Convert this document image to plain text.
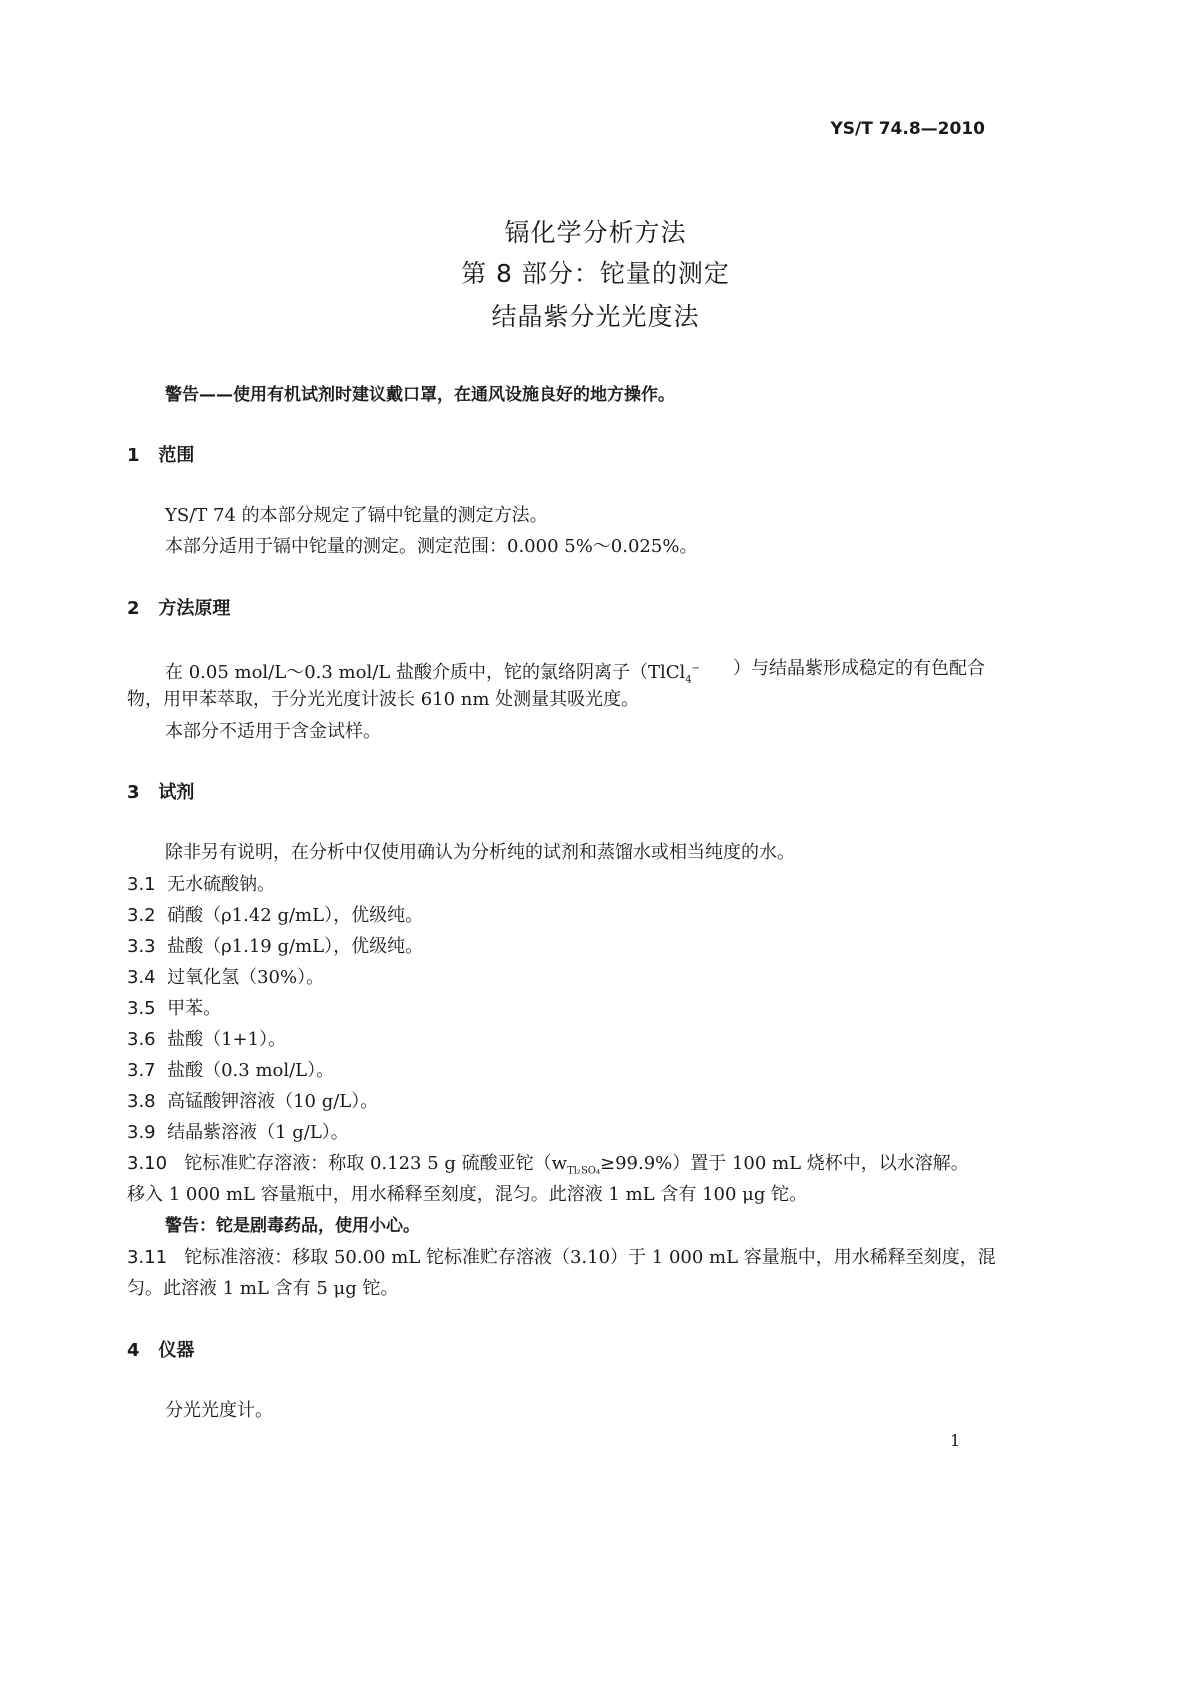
YS/T 74.8—2010
镉化学分析方法
第 8 部分：铊量的测定
结晶紫分光光度法
警告——使用有机试剂时建议戴口罩，在通风设施良好的地方操作。
1 范围
YS/T 74 的本部分规定了镉中铊量的测定方法。
本部分适用于镉中铊量的测定。测定范围：0.000 5%～0.025%。
2 方法原理
在 0.05 mol/L～0.3 mol/L 盐酸介质中，铊的氯络阴离子（TlCl$_4$− ）与结晶紫形成稳定的有色配合
物，用甲苯萃取，于分光光度计波长 610 nm 处测量其吸光度。
本部分不适用于含金试样。
3 试剂
除非另有说明，在分析中仅使用确认为分析纯的试剂和蒸馏水或相当纯度的水。
3.1 无水硫酸钠。
3.2 硝酸（ρ1.42 g/mL），优级纯。
3.3 盐酸（ρ1.19 g/mL），优级纯。
3.4 过氧化氢（30%）。
3.5 甲苯。
3.6 盐酸（1+1）。
3.7 盐酸（0.3 mol/L）。
3.8 高锰酸钾溶液（10 g/L）。
3.9 结晶紫溶液（1 g/L）。
3.10 铊标准贮存溶液：称取 0.123 5 g 硫酸亚铊$(w_{Tl_2SO_4}\ge 99.9\%)$置于 100 mL 烧杯中，以水溶解。
移入 1 000 mL 容量瓶中，用水稀释至刻度，混匀。此溶液 1 mL 含有 100 μg 铊。
警告：铊是剧毒药品，使用小心。
3.11 铊标准溶液：移取 50.00 mL 铊标准贮存溶液（3.10）于 1 000 mL 容量瓶中，用水稀释至刻度，混
匀。此溶液 1 mL 含有 5 μg 铊。
4 仪器
分光光度计。
1
